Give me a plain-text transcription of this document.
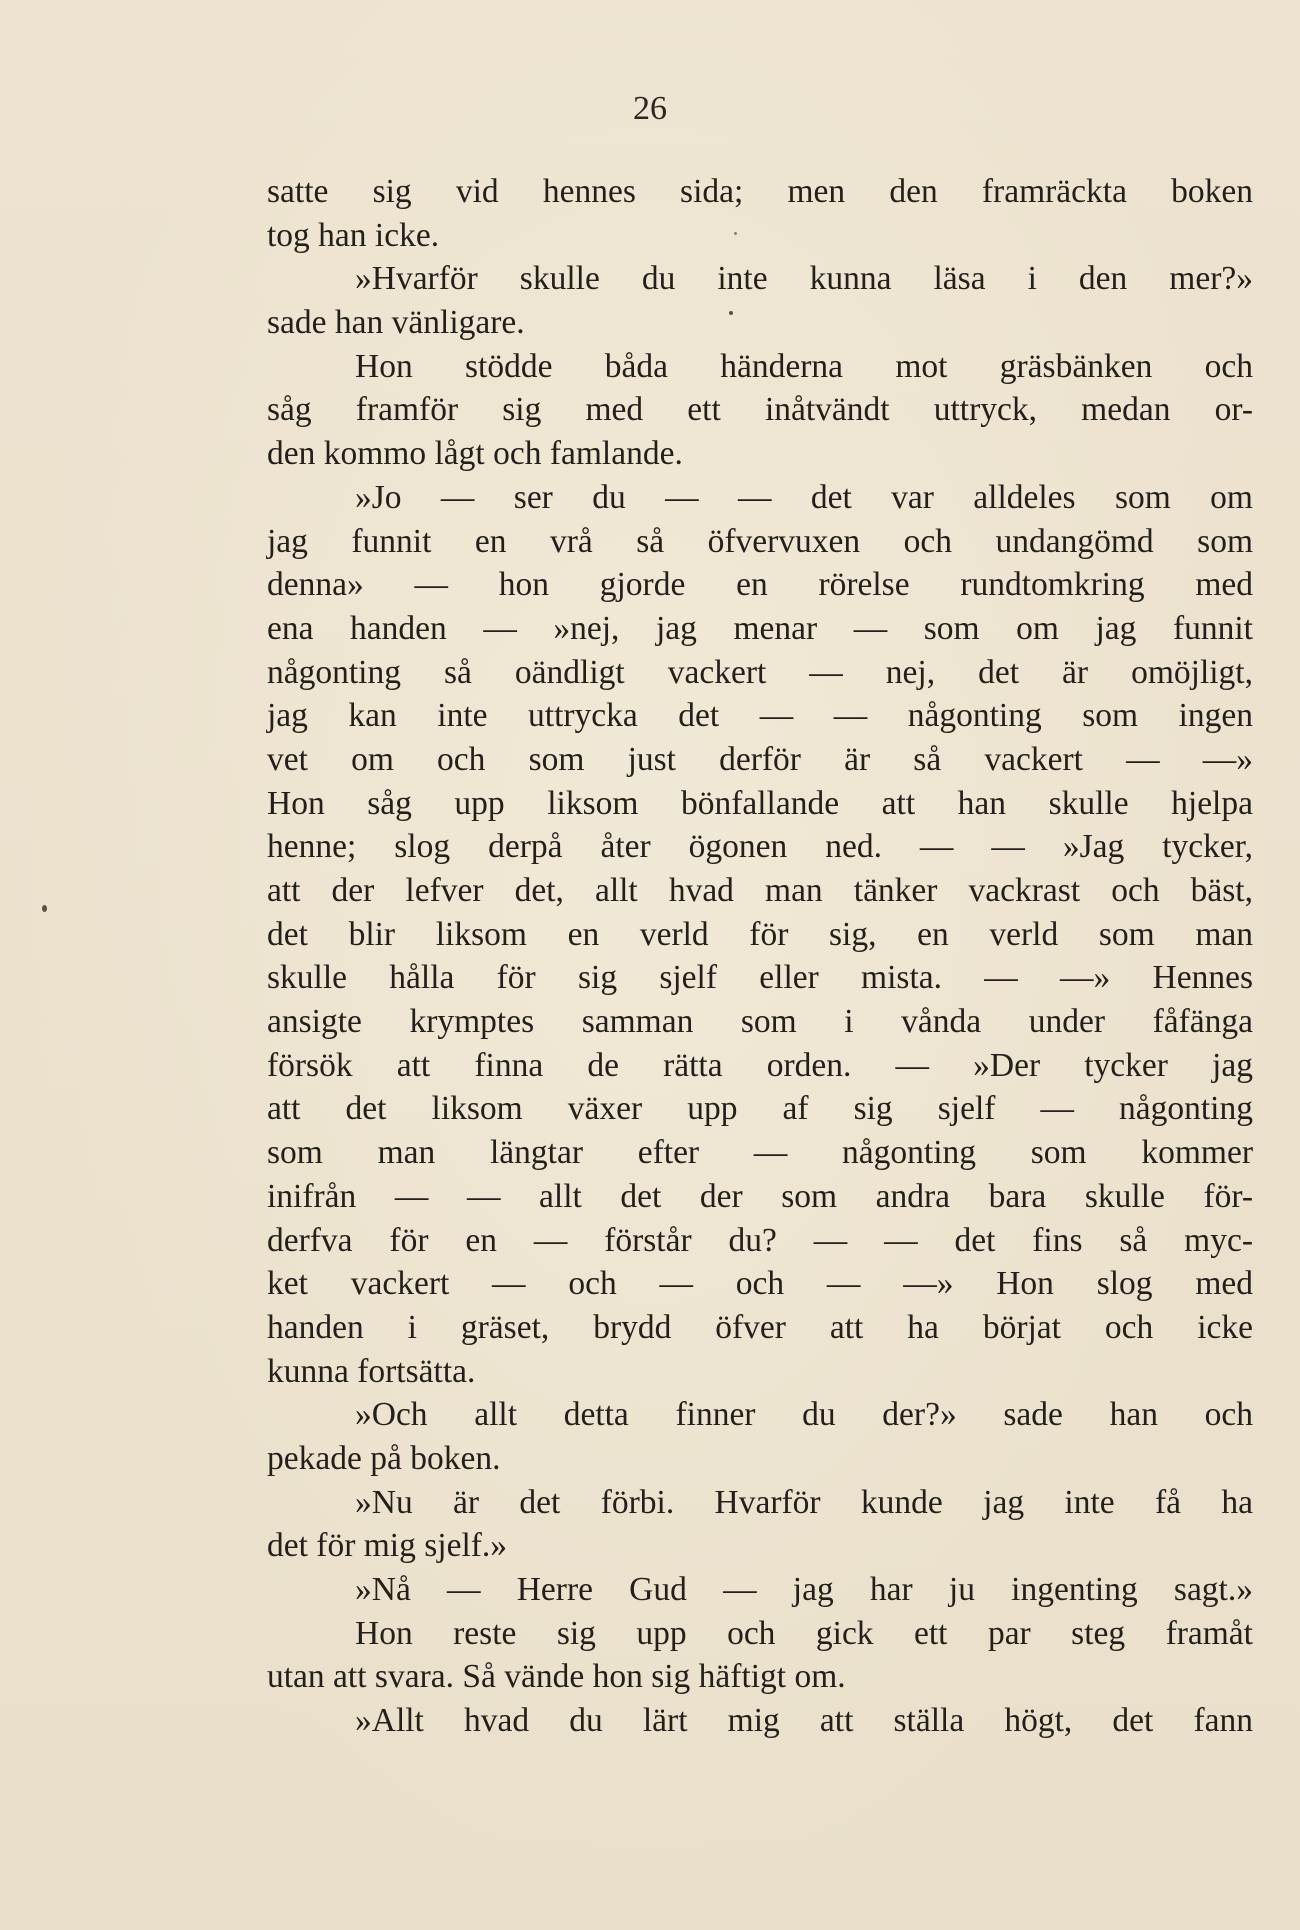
26
satte sig vid hennes sida; men den framräckta boken
tog han icke.
»Hvarför skulle du inte kunna läsa i den mer?»
sade han vänligare.
Hon stödde båda händerna mot gräsbänken och
såg framför sig med ett inåtvändt uttryck, medan or-
den kommo lågt och famlande.
»Jo — ser du — — det var alldeles som om
jag funnit en vrå så öfvervuxen och undangömd som
denna» — hon gjorde en rörelse rundtomkring med
ena handen — »nej, jag menar — som om jag funnit
någonting så oändligt vackert — nej, det är omöjligt,
jag kan inte uttrycka det — — någonting som ingen
vet om och som just derför är så vackert — —»
Hon såg upp liksom bönfallande att han skulle hjelpa
henne; slog derpå åter ögonen ned. — — »Jag tycker,
att der lefver det, allt hvad man tänker vackrast och bäst,
det blir liksom en verld för sig, en verld som man
skulle hålla för sig sjelf eller mista. — —» Hennes
ansigte krymptes samman som i vånda under fåfänga
försök att finna de rätta orden. — »Der tycker jag
att det liksom växer upp af sig sjelf — någonting
som man längtar efter — någonting som kommer
inifrån — — allt det der som andra bara skulle för-
derfva för en — förstår du? — — det fins så myc-
ket vackert — och — och — —» Hon slog med
handen i gräset, brydd öfver att ha börjat och icke
kunna fortsätta.
»Och allt detta finner du der?» sade han och
pekade på boken.
»Nu är det förbi. Hvarför kunde jag inte få ha
det för mig sjelf.»
»Nå — Herre Gud — jag har ju ingenting sagt.»
Hon reste sig upp och gick ett par steg framåt
utan att svara. Så vände hon sig häftigt om.
»Allt hvad du lärt mig att ställa högt, det fann
